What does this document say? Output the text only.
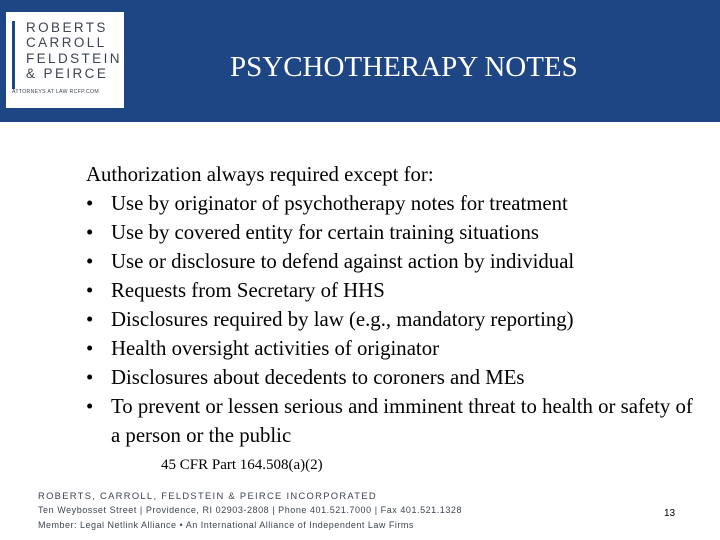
ROBERTS
CARROLL
FELDSTEIN
& PEIRCE
ATTORNEYS AT LAW RCFP.COM
PSYCHOTHERAPY NOTES
Authorization always required except for:
• Use by originator of psychotherapy notes for treatment
• Use by covered entity for certain training situations
• Use or disclosure to defend against action by individual
• Requests from Secretary of HHS
• Disclosures required by law (e.g., mandatory reporting)
• Health oversight activities of originator
• Disclosures about decedents to coroners and MEs
• To prevent or lessen serious and imminent threat to health or safety of a person or the public
45 CFR Part 164.508(a)(2)
ROBERTS, CARROLL, FELDSTEIN & PEIRCE INCORPORATED
Ten Weybosset Street | Providence, RI 02903-2808 | Phone 401.521.7000 | Fax 401.521.1328
Member: Legal Netlink Alliance • An International Alliance of Independent Law Firms
13
